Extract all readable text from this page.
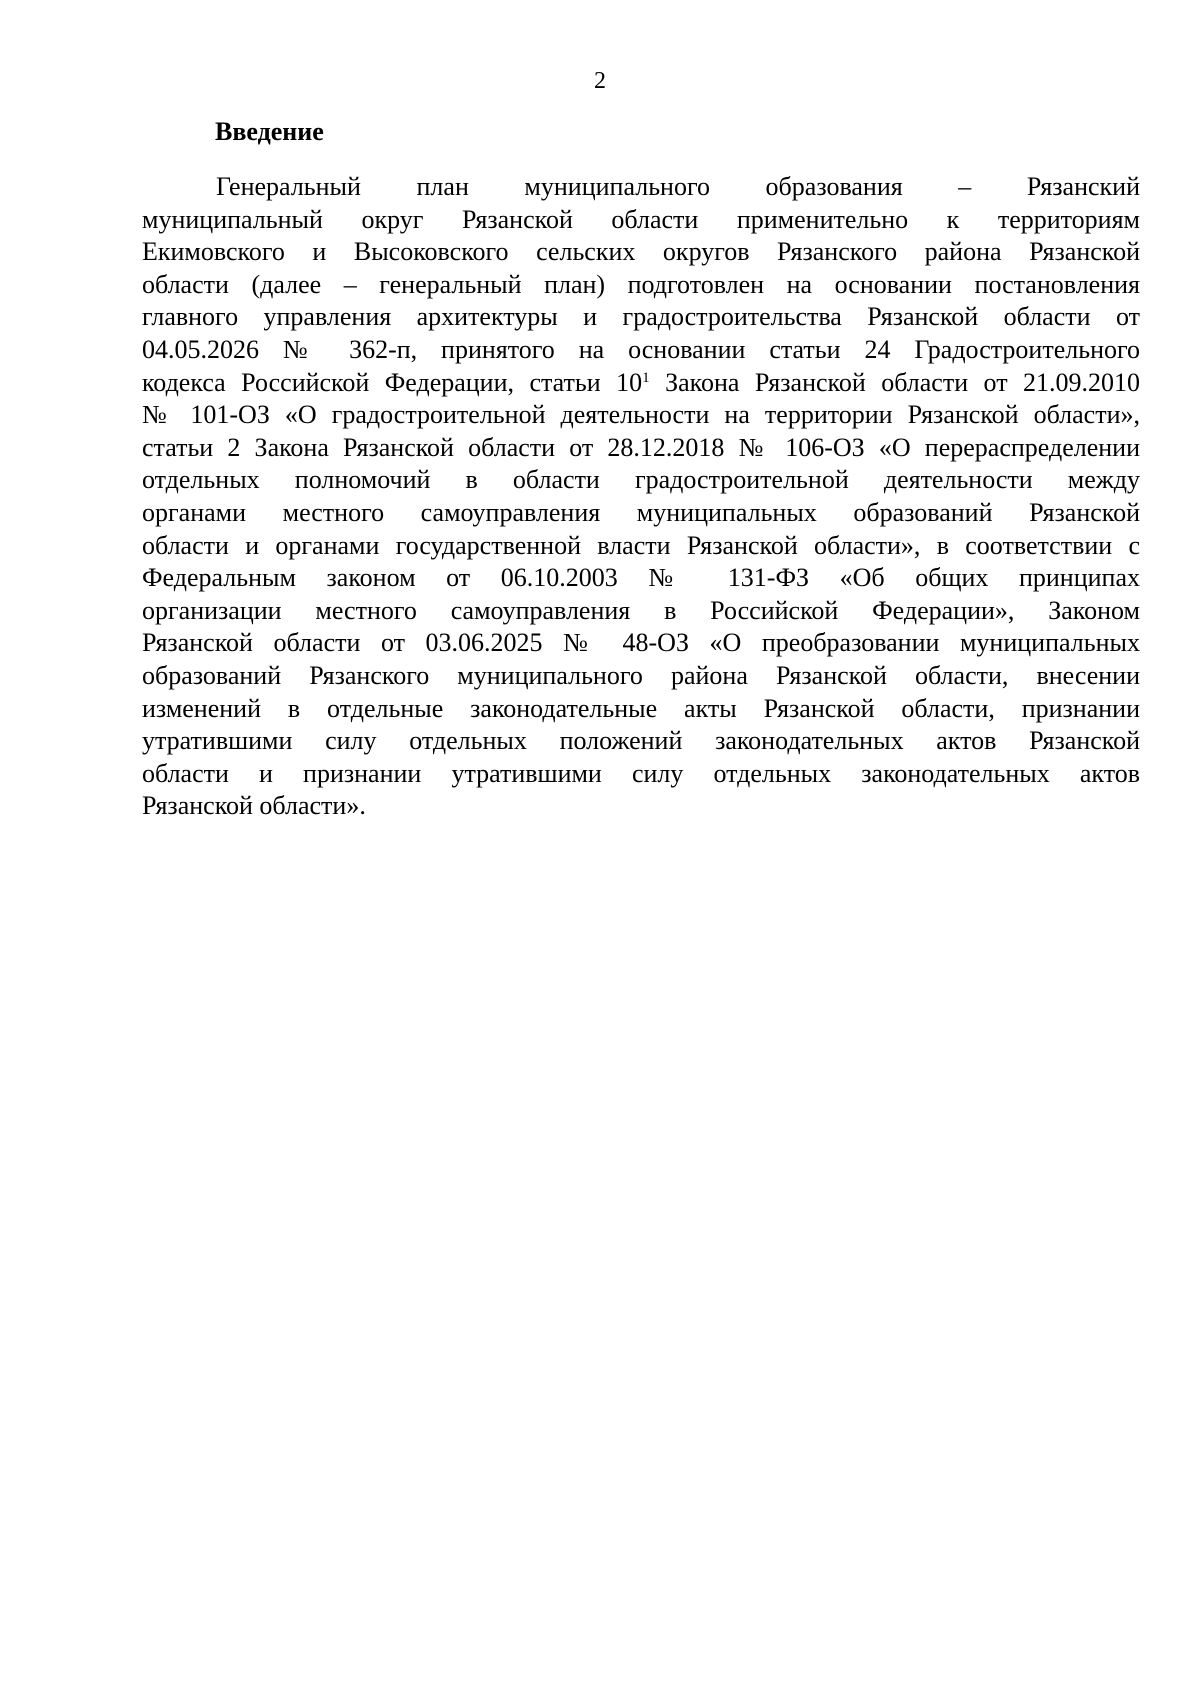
2
Введение
Генеральный план муниципального образования – Рязанский
муниципальный округ Рязанской области применительно к территориям
Екимовского и Высоковского сельских округов Рязанского района Рязанской
области (далее – генеральный план) подготовлен на основании постановления
главного управления архитектуры и градостроительства Рязанской области от
04.05.2026 № 362-п, принятого на основании статьи 24 Градостроительного
кодекса Российской Федерации, статьи $10^1$ Закона Рязанской области от 21.09.2010
№ 101-ОЗ «О градостроительной деятельности на территории Рязанской области»,
статьи 2 Закона Рязанской области от 28.12.2018 № 106-ОЗ «О перераспределении
отдельных полномочий в области градостроительной деятельности между
органами местного самоуправления муниципальных образований Рязанской
области и органами государственной власти Рязанской области», в соответствии с
Федеральным законом от 06.10.2003 № 131-ФЗ «Об общих принципах
организации местного самоуправления в Российской Федерации», Законом
Рязанской области от 03.06.2025 № 48-ОЗ «О преобразовании муниципальных
образований Рязанского муниципального района Рязанской области, внесении
изменений в отдельные законодательные акты Рязанской области, признании
утратившими силу отдельных положений законодательных актов Рязанской
области и признании утратившими силу отдельных законодательных актов
Рязанской области».
